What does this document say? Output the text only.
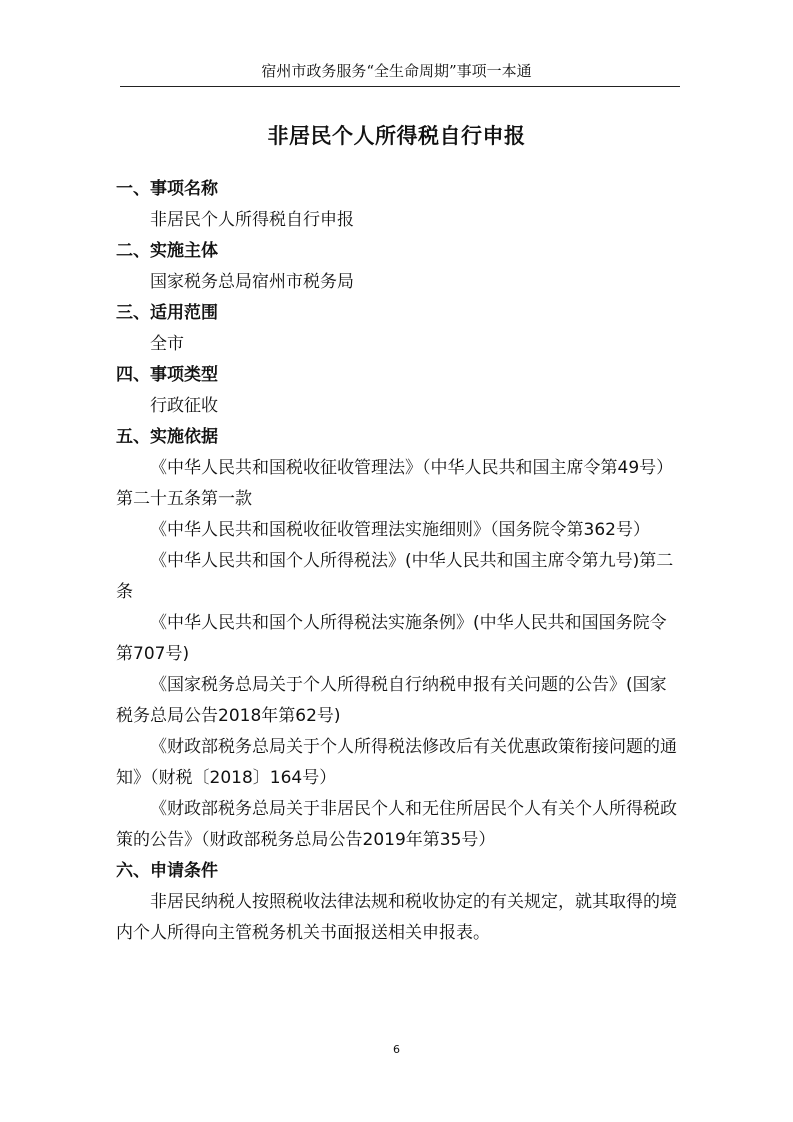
宿州市政务服务“全生命周期”事项一本通
非居民个人所得税自行申报
一、事项名称
非居民个人所得税自行申报
二、实施主体
国家税务总局宿州市税务局
三、适用范围
全市
四、事项类型
行政征收
五、实施依据
《中华人民共和国税收征收管理法》（中华人民共和国主席令第49号）第二十五条第一款
《中华人民共和国税收征收管理法实施细则》（国务院令第362号）
《中华人民共和国个人所得税法》(中华人民共和国主席令第九号)第二条
《中华人民共和国个人所得税法实施条例》(中华人民共和国国务院令第707号)
《国家税务总局关于个人所得税自行纳税申报有关问题的公告》(国家税务总局公告2018年第62号)
《财政部税务总局关于个人所得税法修改后有关优惠政策衔接问题的通知》（财税〔2018〕164号）
《财政部税务总局关于非居民个人和无住所居民个人有关个人所得税政策的公告》（财政部税务总局公告2019年第35号）
六、申请条件
非居民纳税人按照税收法律法规和税收协定的有关规定，就其取得的境内个人所得向主管税务机关书面报送相关申报表。
6
